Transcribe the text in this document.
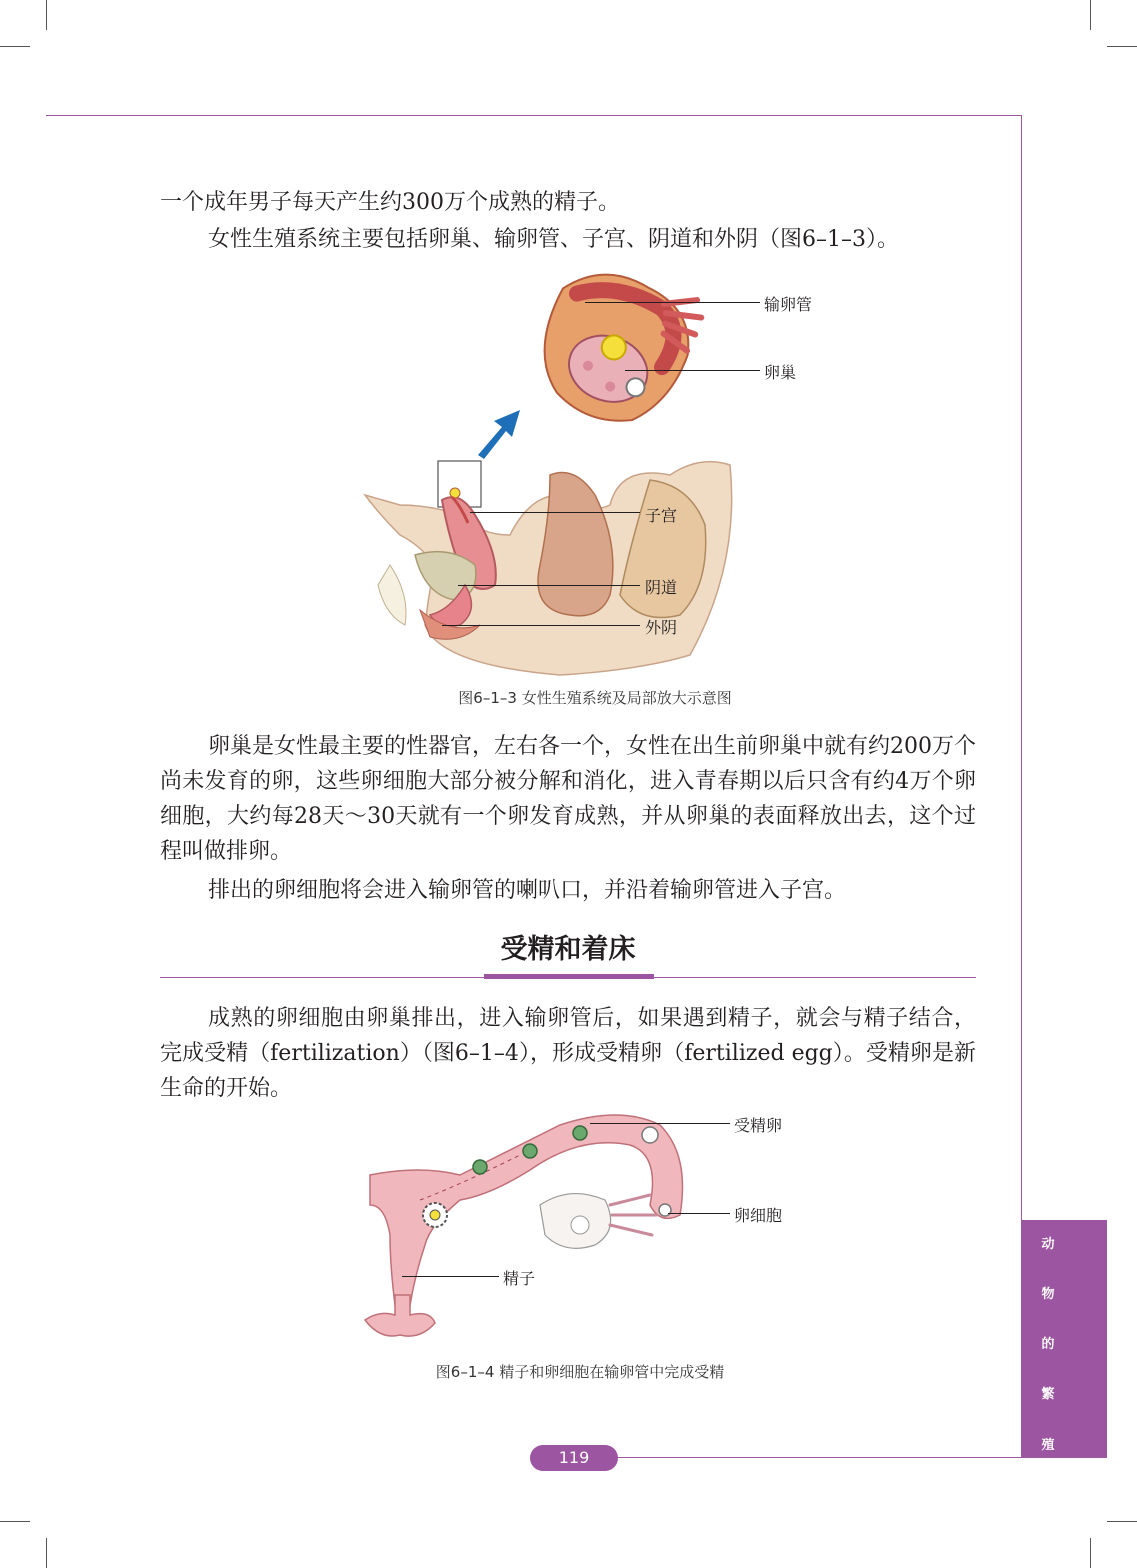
一个成年男子每天产生约300万个成熟的精子。

女性生殖系统主要包括卵巢、输卵管、子宫、阴道和外阴（图6–1–3）。

输卵管
卵巢
子宫
阴道
外阴
图6–1–3 女性生殖系统及局部放大示意图

卵巢是女性最主要的性器官，左右各一个，女性在出生前卵巢中就有约200万个尚未发育的卵，这些卵细胞大部分被分解和消化，进入青春期以后只含有约4万个卵细胞，大约每28天～30天就有一个卵发育成熟，并从卵巢的表面释放出去，这个过程叫做排卵。

排出的卵细胞将会进入输卵管的喇叭口，并沿着输卵管进入子宫。

受精和着床

成熟的卵细胞由卵巢排出，进入输卵管后，如果遇到精子，就会与精子结合，完成受精（fertilization）（图6–1–4），形成受精卵（fertilized egg）。受精卵是新生命的开始。

受精卵
卵细胞
精子
图6–1–4 精子和卵细胞在输卵管中完成受精
动
物
的
繁
殖
119
